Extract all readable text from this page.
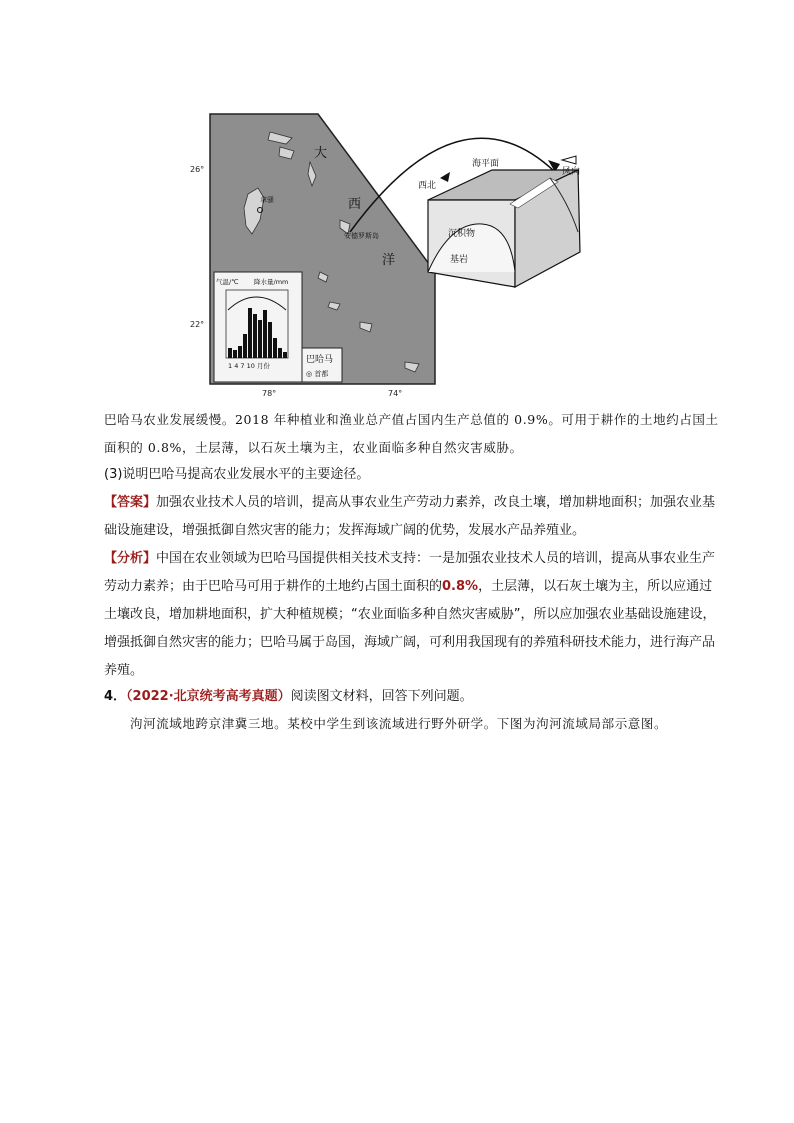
26°
22°
78°	74°
大
西
洋
拿骚
安德罗斯岛
气温/℃ 降水量/mm
1 4 7 10 月份
巴哈马
◎ 首都
海平面
西北
风向
沉积物
基岩
巴哈马农业发展缓慢。2018 年种植业和渔业总产值占国内生产总值的 0.9%。可用于耕作的土地约占国土面积的 0.8%，土层薄，以石灰土壤为主，农业面临多种自然灾害威胁。
(3)说明巴哈马提高农业发展水平的主要途径。
【答案】加强农业技术人员的培训，提高从事农业生产劳动力素养，改良土壤，增加耕地面积；加强农业基础设施建设，增强抵御自然灾害的能力；发挥海域广阔的优势，发展水产品养殖业。
【分析】中国在农业领域为巴哈马国提供相关技术支持：一是加强农业技术人员的培训，提高从事农业生产劳动力素养；由于巴哈马可用于耕作的土地约占国土面积的0.8%，土层薄，以石灰土壤为主，所以应通过土壤改良，增加耕地面积，扩大种植规模；“农业面临多种自然灾害威胁”，所以应加强农业基础设施建设，增强抵御自然灾害的能力；巴哈马属于岛国，海域广阔，可利用我国现有的养殖科研技术能力，进行海产品养殖。
4．（2022·北京统考高考真题）阅读图文材料，回答下列问题。
泃河流域地跨京津冀三地。某校中学生到该流域进行野外研学。下图为泃河流域局部示意图。
